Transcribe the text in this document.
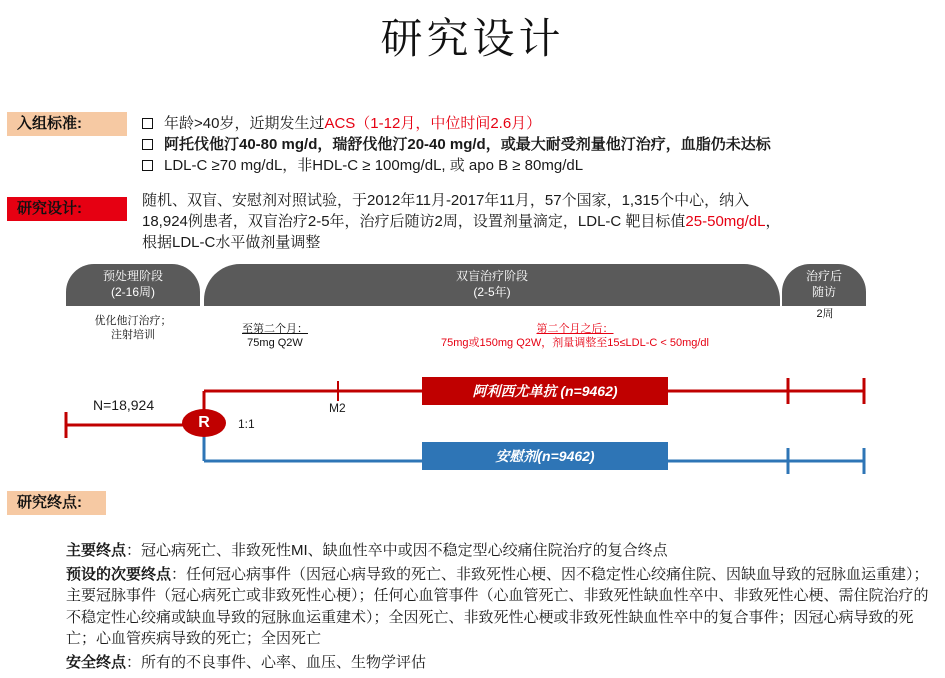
研究设计
入组标准:	年龄>40岁，近期发生过 ACS（1-12月，中位时间2.6月）
阿托伐他汀40-80 mg/d，瑞舒伐他汀20-40 mg/d，或最大耐受剂量他汀治疗，血脂仍未达标
LDL-C ≥70 mg/dL，非HDL-C ≥ 100mg/dL, 或 apo B ≥ 80mg/dL
研究设计:	随机、双盲、安慰剂对照试验，于2012年11月-2017年11月，57个国家，1,315个中心，纳入

18,924例患者，双盲治疗2-5年，治疗后随访2周，设置剂量滴定，LDL-C 靶目标值25-50mg/dL，

根据LDL-C水平做剂量调整

预处理阶段
(2-16周)
双盲治疗阶段
(2-5年)
治疗后
随访
优化他汀治疗；
注射培训	至第二个月：
75mg Q2W
第二个月之后：
75mg或150mg Q2W，剂量调整至15≤LDL-C < 50mg/dl
2周
N=18,924
R	1:1
M2
阿利西尤单抗 (n=9462)
安慰剂(n=9462)
研究终点:

主要终点：冠心病死亡、非致死性MI、缺血性卒中或因不稳定型心绞痛住院治疗的复合终点

预设的次要终点：任何冠心病事件（因冠心病导致的死亡、非致死性心梗、因不稳定性心绞痛住院、因缺血导致的冠脉血运重建）；主要冠脉事件（冠心病死亡或非致死性心梗）；任何心血管事件（心血管死亡、非致死性缺血性卒中、非致死性心梗、需住院治疗的不稳定性心绞痛或缺血导致的冠脉血运重建术）；全因死亡、非致死性心梗或非致死性缺血性卒中的复合事件；因冠心病导致的死亡；心血管疾病导致的死亡；全因死亡

安全终点：所有的不良事件、心率、血压、生物学评估
